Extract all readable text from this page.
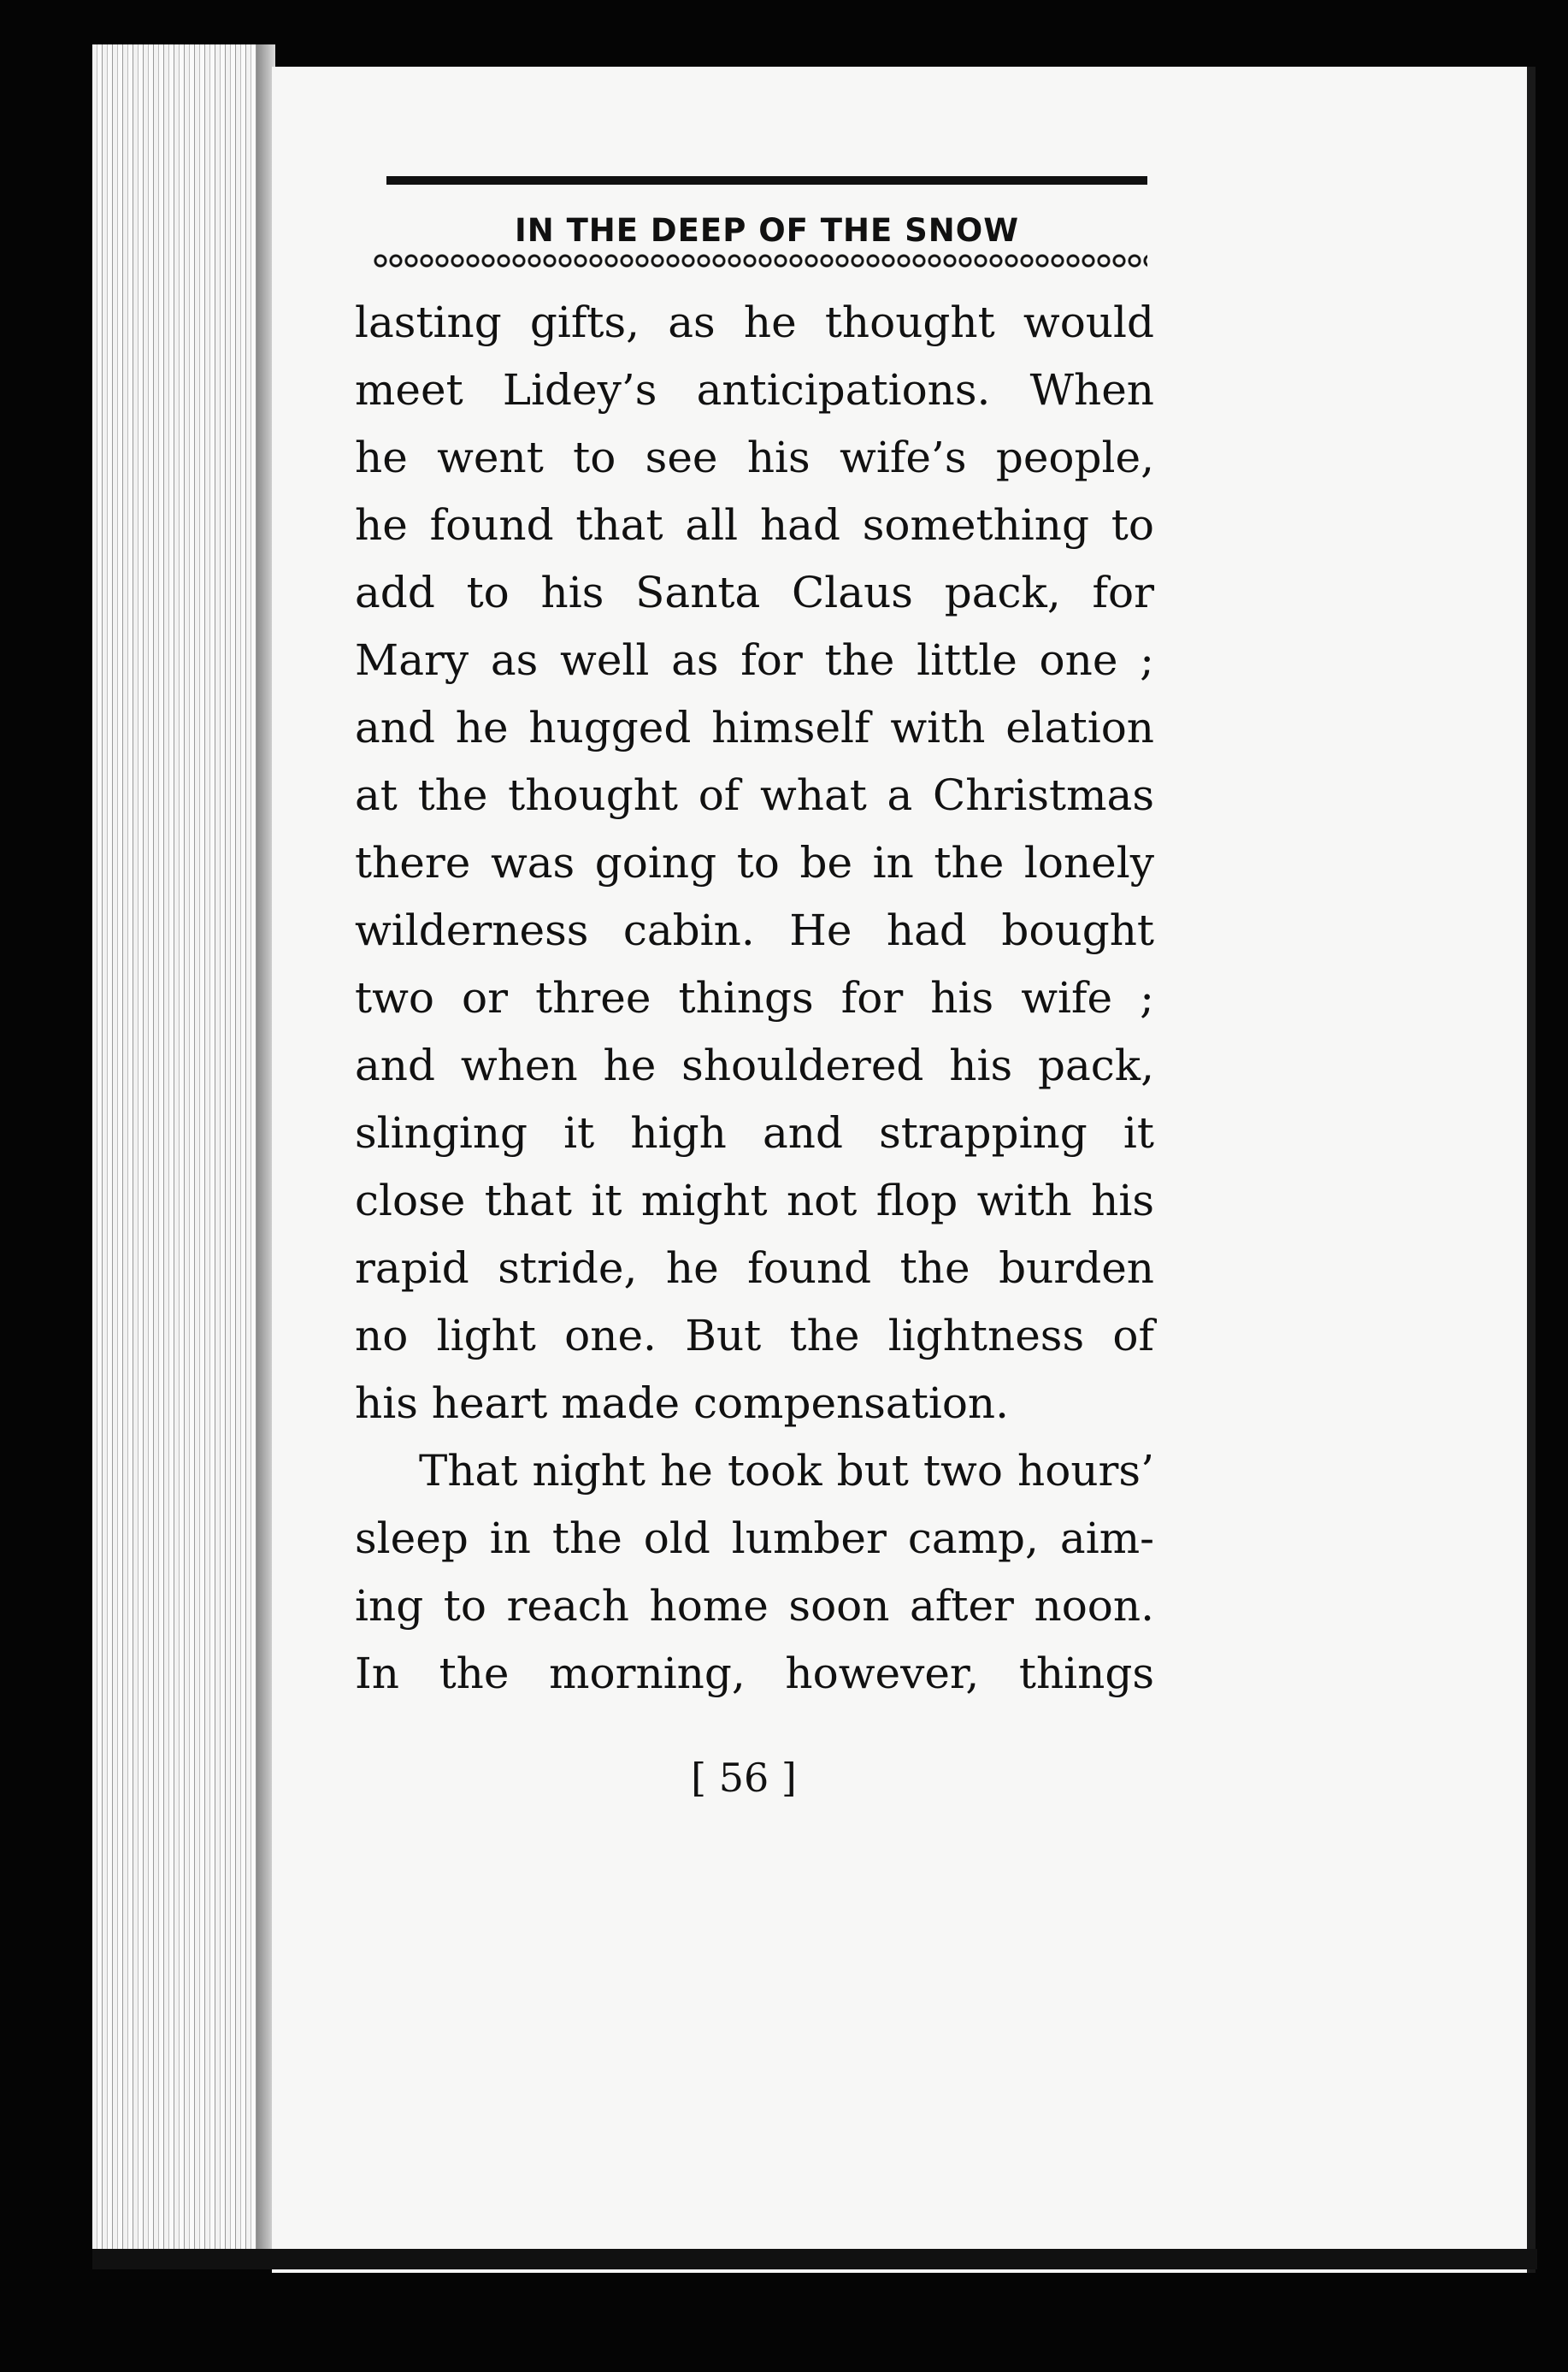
IN THE DEEP OF THE SNOW
lasting gifts, as he thought would
meet Lidey’s anticipations. When
he went to see his wife’s people,
he found that all had something to
add to his Santa Claus pack, for
Mary as well as for the little one ;
and he hugged himself with elation
at the thought of what a Christmas
there was going to be in the lonely
wilderness cabin. He had bought
two or three things for his wife ;
and when he shouldered his pack,
slinging it high and strapping it
close that it might not flop with his
rapid stride, he found the burden
no light one. But the lightness of
his heart made compensation.
That night he took but two hours’
sleep in the old lumber camp, aim-
ing to reach home soon after noon.
In the morning, however, things
[ 56 ]
